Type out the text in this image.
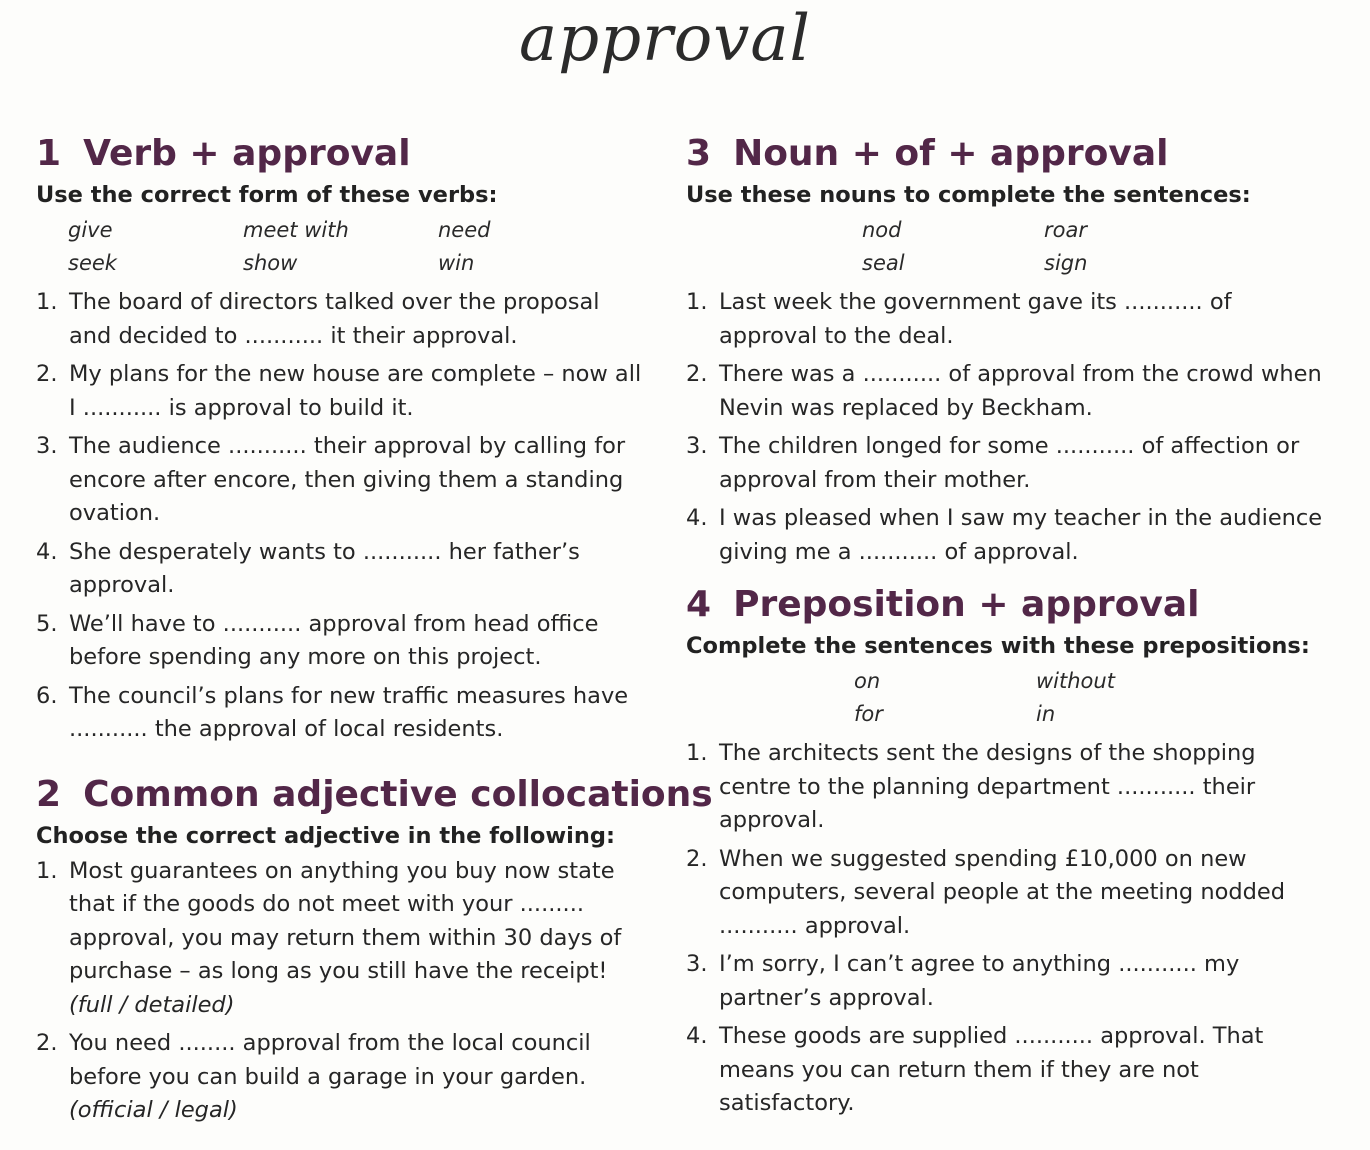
approval
1 Verb + approval
Use the correct form of these verbs:
give	meet with	need
seek	show	win
1. The board of directors talked over the proposal and decided to ........... it their approval.
2. My plans for the new house are complete – now all I ........... is approval to build it.
3. The audience ........... their approval by calling for encore after encore, then giving them a standing ovation.
4. She desperately wants to ........... her father’s approval.
5. We’ll have to ........... approval from head office before spending any more on this project.
6. The council’s plans for new traffic measures have ........... the approval of local residents.
2 Common adjective collocations
Choose the correct adjective in the following:
1. Most guarantees on anything you buy now state that if the goods do not meet with your ......... approval, you may return them within 30 days of purchase – as long as you still have the receipt!
(full / detailed)
2. You need ........ approval from the local council before you can build a garage in your garden.
(official / legal)
3 Noun + of + approval
Use these nouns to complete the sentences:
nod	roar
seal	sign
1. Last week the government gave its ........... of approval to the deal.
2. There was a ........... of approval from the crowd when Nevin was replaced by Beckham.
3. The children longed for some ........... of affection or approval from their mother.
4. I was pleased when I saw my teacher in the audience giving me a ........... of approval.
4 Preposition + approval
Complete the sentences with these prepositions:
on	without
for	in
1. The architects sent the designs of the shopping centre to the planning department ........... their approval.
2. When we suggested spending £10,000 on new computers, several people at the meeting nodded ........... approval.
3. I’m sorry, I can’t agree to anything ........... my partner’s approval.
4. These goods are supplied ........... approval. That means you can return them if they are not satisfactory.
